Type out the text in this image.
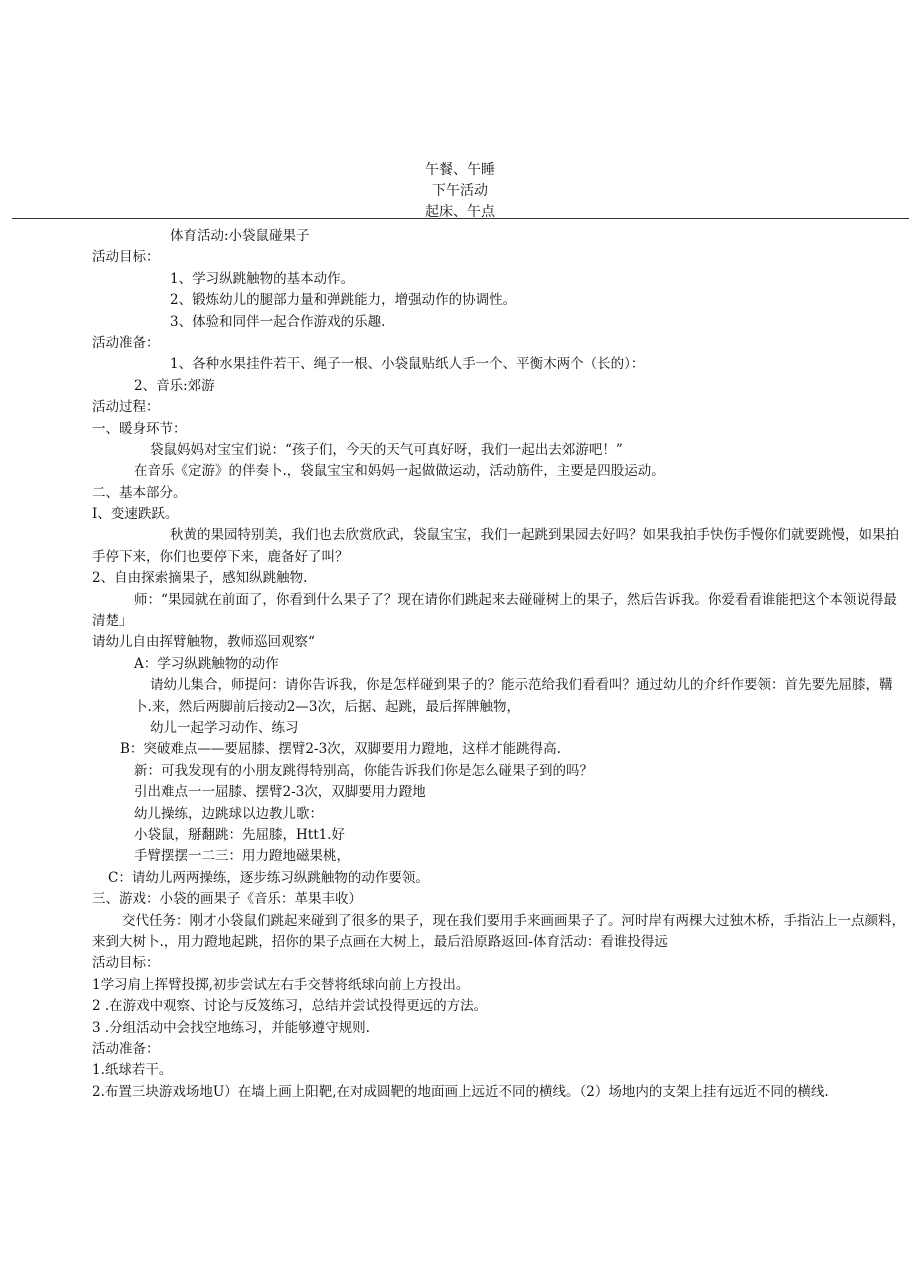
午餐、午睡
下午活动
起床、午点
体育活动:小袋鼠碰果子
活动目标：
1、学习纵跳触物的基本动作。
2、锻炼幼儿的腿部力量和弹跳能力，增强动作的协调性。
3、体验和同伴一起合作游戏的乐趣.
活动准备：
1、各种水果挂件若干、绳子一根、小袋鼠贴纸人手一个、平衡木两个（长的）：
2、音乐:郊游
活动过程：
一、暖身环节：
袋鼠妈妈对宝宝们说：“孩子们，今天的天气可真好呀，我们一起出去郊游吧！”
在音乐《定游》的伴奏卜.，袋鼠宝宝和妈妈一起做做运动，活动筋件，主要是四股运动。
二、基本部分。
I、变速跌跃。
秋黄的果园特别美，我们也去欣赏欣武，袋鼠宝宝，我们一起跳到果园去好吗？如果我拍手快伤手慢你们就要跳慢，如果拍手停下来，你们也要停下来，鹿备好了叫？
2、自由探索摘果子，感知纵跳触物.
师：“果园就在前面了，你看到什么果子了？现在请你们跳起来去碰碰树上的果子，然后告诉我。你爱看看谁能把这个本领说得最清楚」
请幼儿自由挥臂触物，教师巡回观察“
A：学习纵跳触物的动作
请幼儿集合，师提问：请你告诉我，你是怎样碰到果子的？能示范给我们看看叫？通过幼儿的介纤作要领：首先要先屈膝，鞲卜.来，然后两脚前后接动2—3次，后据、起跳，最后挥牌触物，
幼儿一起学习动作、练习
B：突破难点——要屈膝、摆臂2-3次，双脚要用力蹬地，这样才能跳得高.
新：可我发现有的小朋友跳得特别高，你能告诉我们你是怎么碰果子到的吗？
引出难点一一屈膝、摆臂2-3次，双脚要用力蹬地
幼儿操练，边跳球以边教儿歌：
小袋鼠，掰翻跳：先屈膝，Htt1.好
手臂摆摆一二三：用力蹬地磁果桃，
C：请幼儿两两操练，逐步练习纵跳触物的动作要领。
三、游戏：小袋的画果子《音乐：革果丰收）
交代任务：刚才小袋鼠们跳起来碰到了很多的果子，现在我们要用手来画画果子了。河时岸有两棵大过独木桥，手指沾上一点颜料，来到大树卜.，用力蹬地起跳，招你的果子点画在大树上，最后沿原路返回-体育活动：看谁投得远
活动目标：
1学习肩上挥臂投掷,初步尝试左右手交替将纸球向前上方投出。
2 .在游戏中观察、讨论与反笈练习，总结并尝试投得更远的方法。
3 .分组活动中会找空地练习，并能够遵守规则.
活动准备：
1.纸球若干。
2.布置三块游戏场地U）在墙上画上阳靶,在对成圆靶的地面画上远近不同的横线。（2）场地内的支架上挂有远近不同的横线.
